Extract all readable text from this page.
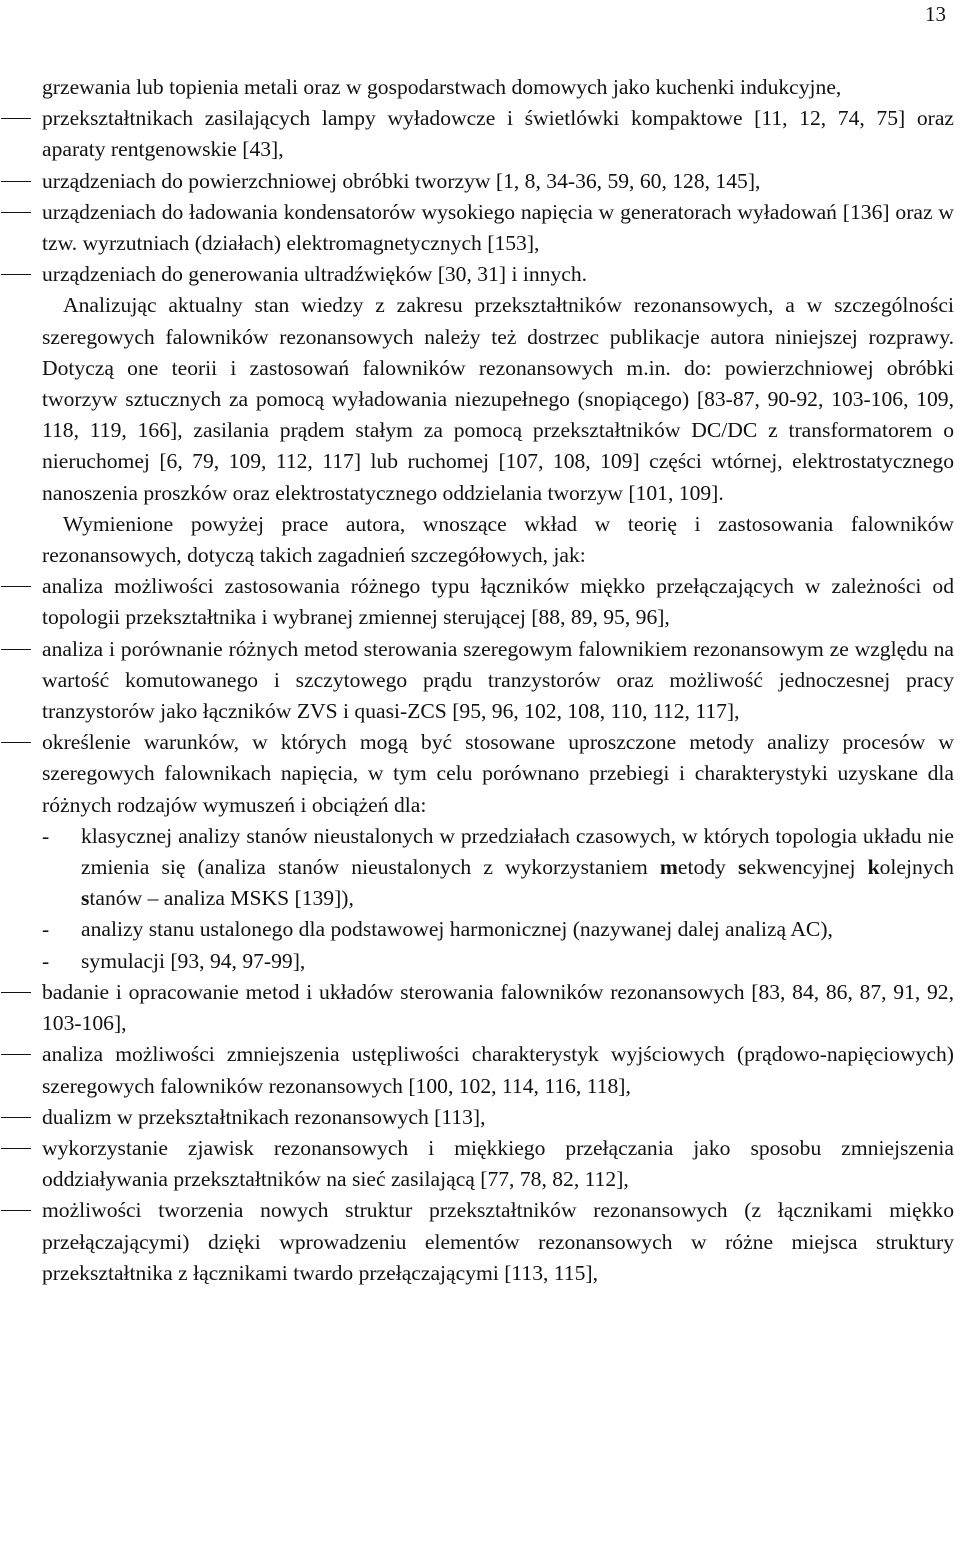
13

grzewania lub topienia metali oraz w gospodarstwach domowych jako kuchenki indukcyjne,

przekształtnikach zasilających lampy wyładowcze i świetlówki kompaktowe [11, 12, 74, 75] oraz aparaty rentgenowskie [43],
urządzeniach do powierzchniowej obróbki tworzyw [1, 8, 34-36, 59, 60, 128, 145],
urządzeniach do ładowania kondensatorów wysokiego napięcia w generatorach wyładowań [136] oraz w tzw. wyrzutniach (działach) elektromagnetycznych [153],
urządzeniach do generowania ultradźwięków [30, 31] i innych.

Analizując aktualny stan wiedzy z zakresu przekształtników rezonansowych, a w szczególności szeregowych falowników rezonansowych należy też dostrzec publikacje autora niniejszej rozprawy. Dotyczą one teorii i zastosowań falowników rezonansowych m.in. do: powierzchniowej obróbki tworzyw sztucznych za pomocą wyładowania niezupełnego (snopiącego) [83-87, 90-92, 103-106, 109, 118, 119, 166], zasilania prądem stałym za pomocą przekształtników DC/DC z transformatorem o nieruchomej [6, 79, 109, 112, 117] lub ruchomej [107, 108, 109] części wtórnej, elektrostatycznego nanoszenia proszków oraz elektrostatycznego oddzielania tworzyw [101, 109].

Wymienione powyżej prace autora, wnoszące wkład w teorię i zastosowania falowników rezonansowych, dotyczą takich zagadnień szczegółowych, jak:

analiza możliwości zastosowania różnego typu łączników miękko przełączających w zależności od topologii przekształtnika i wybranej zmiennej sterującej [88, 89, 95, 96],
analiza i porównanie różnych metod sterowania szeregowym falownikiem rezonansowym ze względu na wartość komutowanego i szczytowego prądu tranzystorów oraz możliwość jednoczesnej pracy tranzystorów jako łączników ZVS i quasi-ZCS [95, 96, 102, 108, 110, 112, 117],
określenie warunków, w których mogą być stosowane uproszczone metody analizy procesów w szeregowych falownikach napięcia, w tym celu porównano przebiegi i charakterystyki uzyskane dla różnych rodzajów wymuszeń i obciążeń dla:
-
klasycznej analizy stanów nieustalonych w przedziałach czasowych, w których topologia układu nie zmienia się (analiza stanów nieustalonych z wykorzystaniem metody sekwencyjnej kolejnych stanów – analiza MSKS [139]),
-
analizy stanu ustalonego dla podstawowej harmonicznej (nazywanej dalej analizą AC),
-
symulacji [93, 94, 97-99],
badanie i opracowanie metod i układów sterowania falowników rezonansowych [83, 84, 86, 87, 91, 92, 103-106],
analiza możliwości zmniejszenia ustępliwości charakterystyk wyjściowych (prądowo-napięciowych) szeregowych falowników rezonansowych [100, 102, 114, 116, 118],
dualizm w przekształtnikach rezonansowych [113],
wykorzystanie zjawisk rezonansowych i miękkiego przełączania jako sposobu zmniejszenia oddziaływania przekształtników na sieć zasilającą [77, 78, 82, 112],
możliwości tworzenia nowych struktur przekształtników rezonansowych (z łącznikami miękko przełączającymi) dzięki wprowadzeniu elementów rezonansowych w różne miejsca struktury przekształtnika z łącznikami twardo przełączającymi [113, 115],
